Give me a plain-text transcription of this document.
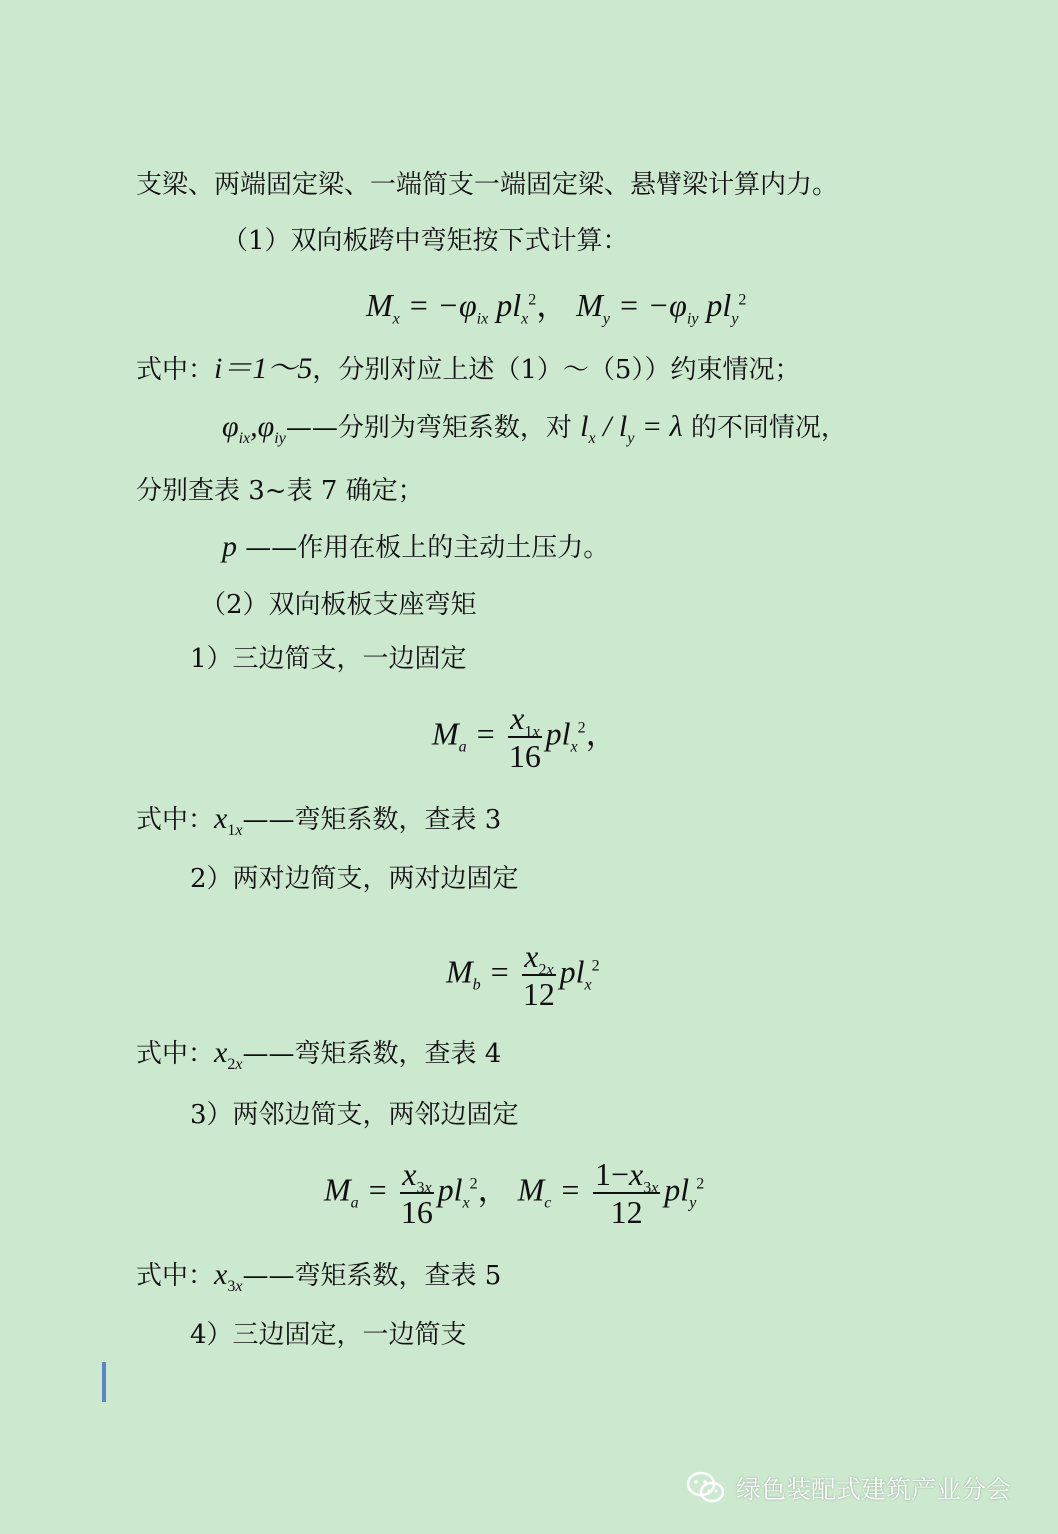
支梁、两端固定梁、一端简支一端固定梁、悬臂梁计算内力。
（1）双向板跨中弯矩按下式计算：
$M_x = -\varphi_{ix}$ $pl_x^2$， $M_y = -\varphi_{iy}$ $pl_y^2$
式中：i＝1～5，分别对应上述（1）～（5））约束情况；
$\varphi_{ix},\varphi_{iy}——$分别为弯矩系数，对 $l_x / l_y = \lambda$ 的不同情况，
分别查表 3~表 7 确定；
p ——作用在板上的主动土压力。
（2）双向板板支座弯矩
1）三边简支，一边固定
$M_a = \frac{x_{1x}}{16} pl_x^2$，
式中：$x_{1x}——$弯矩系数，查表 3
2）两对边简支，两对边固定
$M_b = \frac{x_{2x}}{12} pl_x^2$
式中：$x_{2x}——$弯矩系数，查表 4
3）两邻边简支，两邻边固定
$M_a = \frac{x_{3x}}{16} pl_x^2$， $M_c = \frac{1-x_{3x}}{12} pl_y^2$
式中：$x_{3x}——$弯矩系数，查表 5
4）三边固定，一边简支
绿色装配式建筑产业分会
